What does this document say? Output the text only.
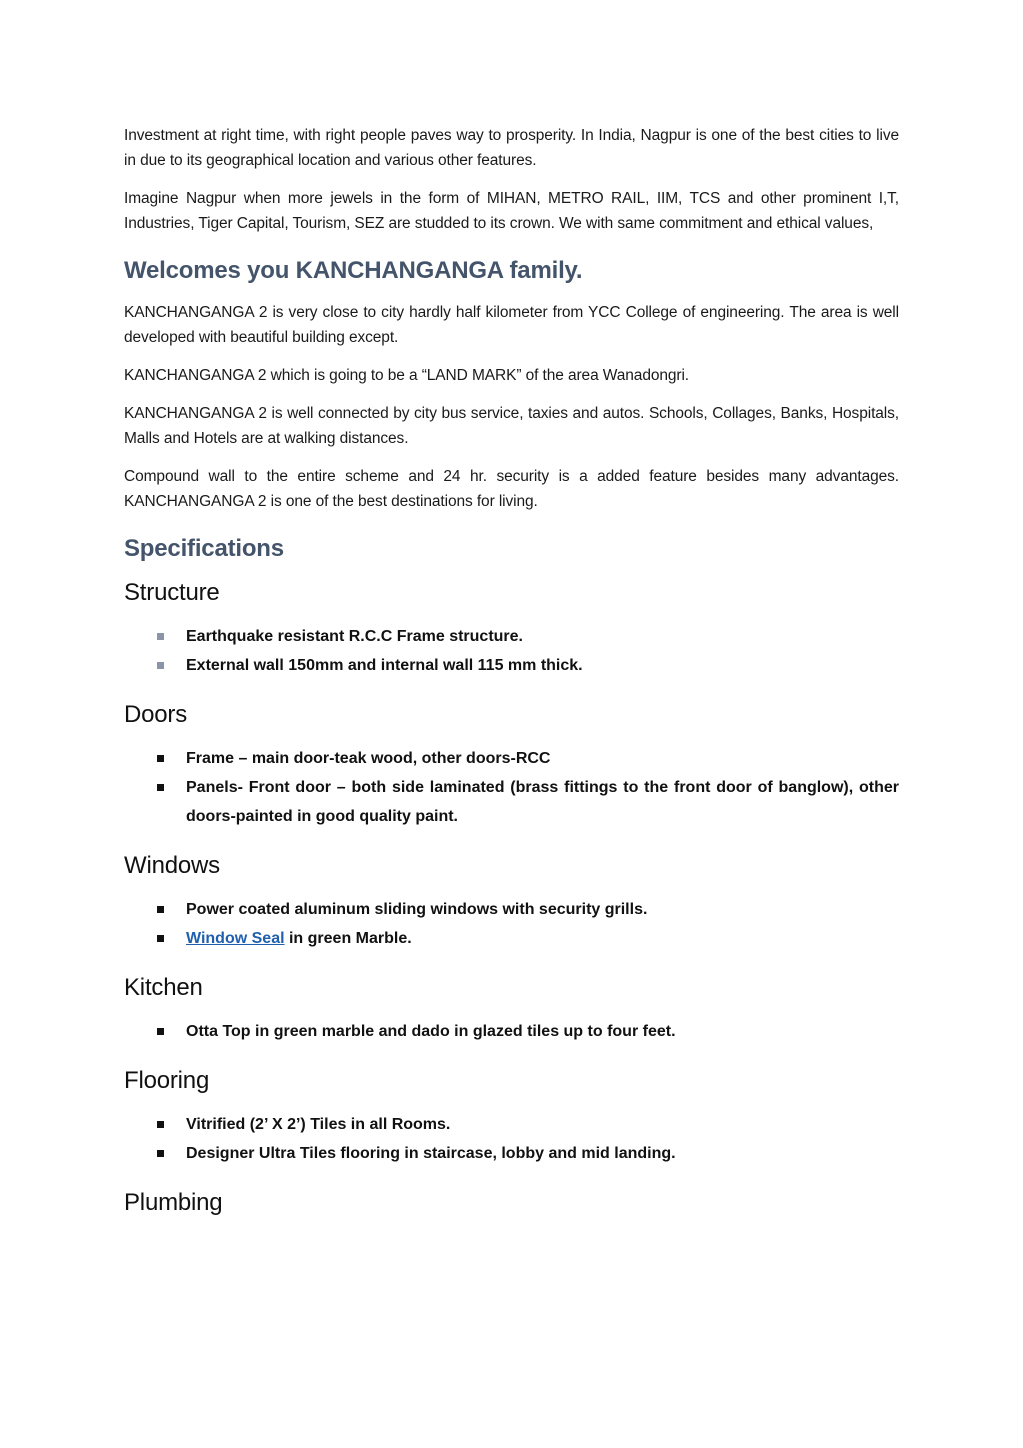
Investment at right time, with right people paves way to prosperity. In India, Nagpur is one of the best cities to live in due to its geographical location and various other features.

Imagine Nagpur when more jewels in the form of MIHAN, METRO RAIL, IIM, TCS and other prominent I,T, Industries, Tiger Capital, Tourism, SEZ are studded to its crown. We with same commitment and ethical values,

Welcomes you KANCHANGANGA family.

KANCHANGANGA 2 is very close to city hardly half kilometer from YCC College of engineering. The area is well developed with beautiful building except.

KANCHANGANGA 2 which is going to be a “LAND MARK” of the area Wanadongri.

KANCHANGANGA 2 is well connected by city bus service, taxies and autos. Schools, Collages, Banks, Hospitals, Malls and Hotels are at walking distances.

Compound wall to the entire scheme and 24 hr. security is a added feature besides many advantages. KANCHANGANGA 2 is one of the best destinations for living.

Specifications
Structure
Earthquake resistant R.C.C Frame structure.
External wall 150mm and internal wall 115 mm thick.
Doors
Frame – main door-teak wood, other doors-RCC
Panels- Front door – both side laminated (brass fittings to the front door of banglow), other doors-painted in good quality paint.
Windows
Power coated aluminum sliding windows with security grills.
Window Seal in green Marble.
Kitchen
Otta Top in green marble and dado in glazed tiles up to four feet.
Flooring
Vitrified (2’ X 2’) Tiles in all Rooms.
Designer Ultra Tiles flooring in staircase, lobby and mid landing.
Plumbing
